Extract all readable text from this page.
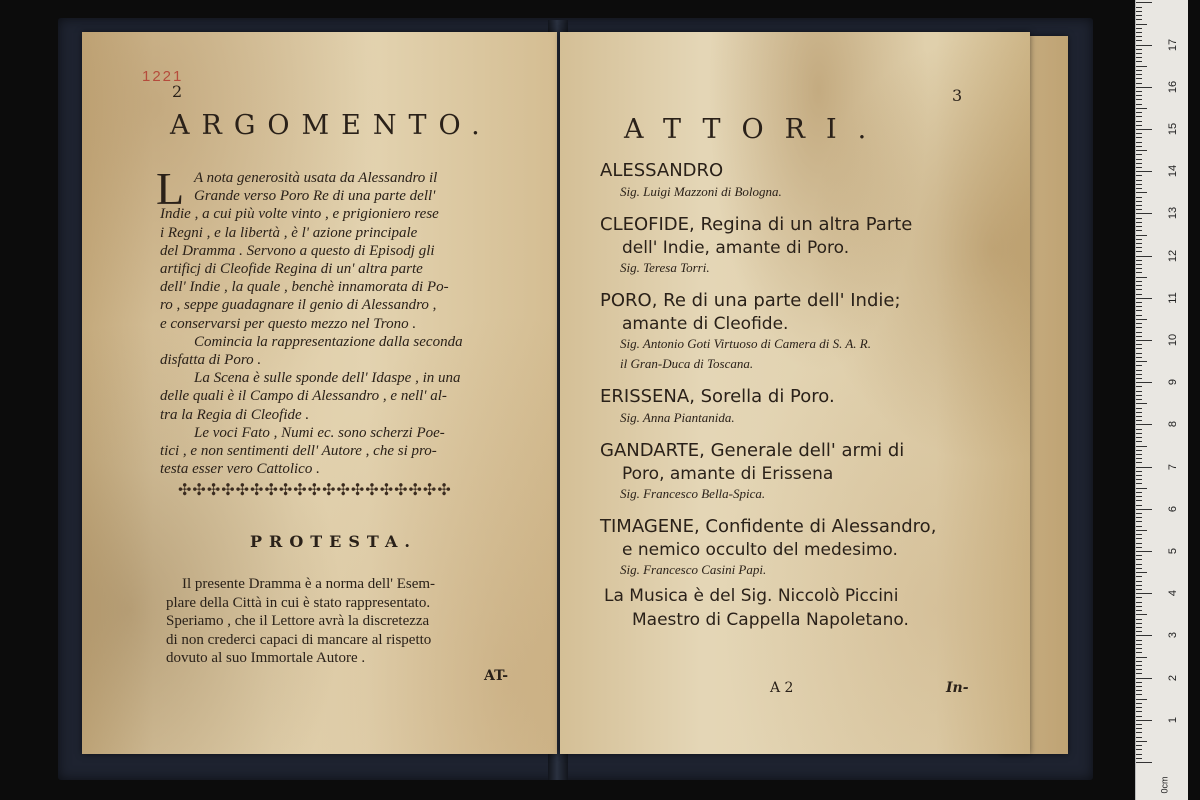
1221
2
ARGOMENTO.
L A nota generosità usata da Alessandro il
Grande verso Poro Re di una parte dell'
Indie , a cui più volte vinto , e prigioniero rese
i Regni , e la libertà , è l' azione principale
del Dramma . Servono a questo di Episodj gli
artificj di Cleofide Regina di un' altra parte
dell' Indie , la quale , benchè innamorata di Po-
ro , seppe guadagnare il genio di Alessandro ,
e conservarsi per questo mezzo nel Trono .
Comincia la rappresentazione dalla seconda
disfatta di Poro .
La Scena è sulle sponde dell' Idaspe , in una
delle quali è il Campo di Alessandro , e nell' al-
tra la Regia di Cleofide .
Le voci Fato , Numi ec. sono scherzi Poe-
tici , e non sentimenti dell' Autore , che si pro-
testa esser vero Cattolico .
✣✣✣✣✣✣✣✣✣✣✣✣✣✣✣✣✣✣✣
PROTESTA.
Il presente Dramma è a norma dell' Esem-
plare della Città in cui è stato rappresentato.
Speriamo , che il Lettore avrà la discretezza
di non crederci capaci di mancare al rispetto
dovuto al suo Immortale Autore .
AT-
3
ATTORI.
ALESSANDRO
Sig. Luigi Mazzoni di Bologna.
CLEOFIDE, Regina di un altra Parte
dell' Indie, amante di Poro.
Sig. Teresa Torri.
PORO, Re di una parte dell' Indie;
amante di Cleofide.
Sig. Antonio Goti Virtuoso di Camera di S. A. R.
il Gran-Duca di Toscana.
ERISSENA, Sorella di Poro.
Sig. Anna Piantanida.
GANDARTE, Generale dell' armi di
Poro, amante di Erissena
Sig. Francesco Bella-Spica.
TIMAGENE, Confidente di Alessandro,
e nemico occulto del medesimo.
Sig. Francesco Casini Papi.
La Musica è del Sig. Niccolò Piccini
Maestro di Cappella Napoletano.
A 2	In-
17
16
15
14
13
12
11
10
9
8
7
6
5
4
3
2
1
0cm
